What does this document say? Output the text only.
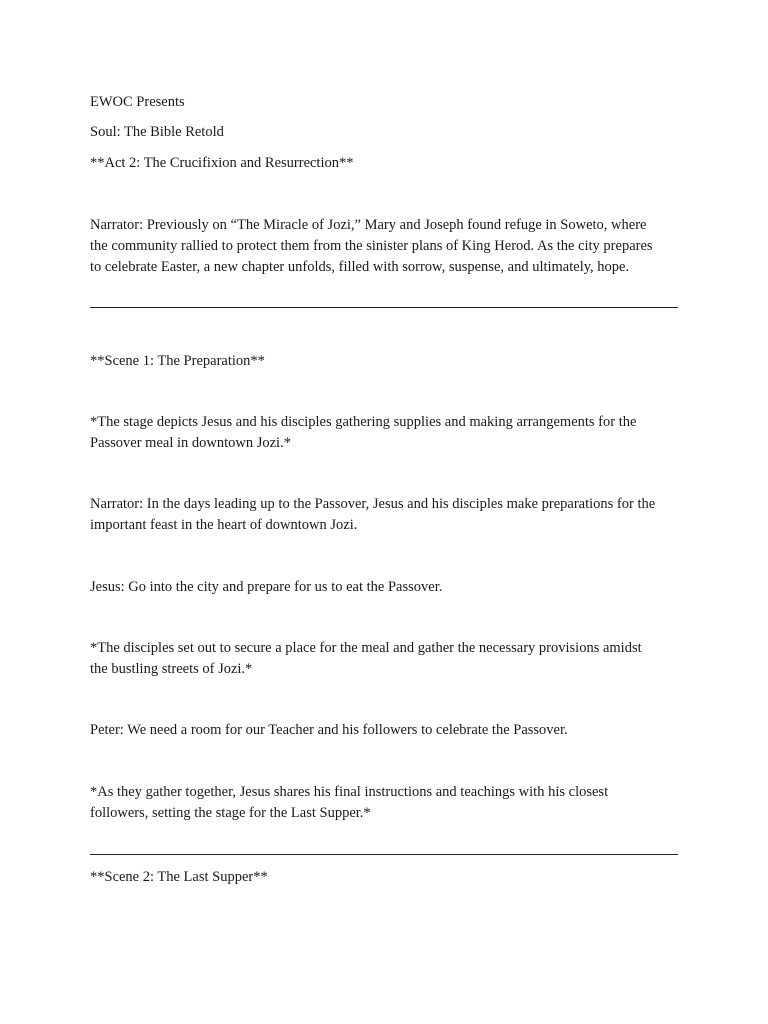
EWOC Presents
Soul: The Bible Retold
**Act 2: The Crucifixion and Resurrection**
Narrator: Previously on “The Miracle of Jozi,” Mary and Joseph found refuge in Soweto, where
the community rallied to protect them from the sinister plans of King Herod. As the city prepares
to celebrate Easter, a new chapter unfolds, filled with sorrow, suspense, and ultimately, hope.
**Scene 1: The Preparation**
*The stage depicts Jesus and his disciples gathering supplies and making arrangements for the
Passover meal in downtown Jozi.*
Narrator: In the days leading up to the Passover, Jesus and his disciples make preparations for the
important feast in the heart of downtown Jozi.
Jesus: Go into the city and prepare for us to eat the Passover.
*The disciples set out to secure a place for the meal and gather the necessary provisions amidst
the bustling streets of Jozi.*
Peter: We need a room for our Teacher and his followers to celebrate the Passover.
*As they gather together, Jesus shares his final instructions and teachings with his closest
followers, setting the stage for the Last Supper.*
**Scene 2: The Last Supper**
